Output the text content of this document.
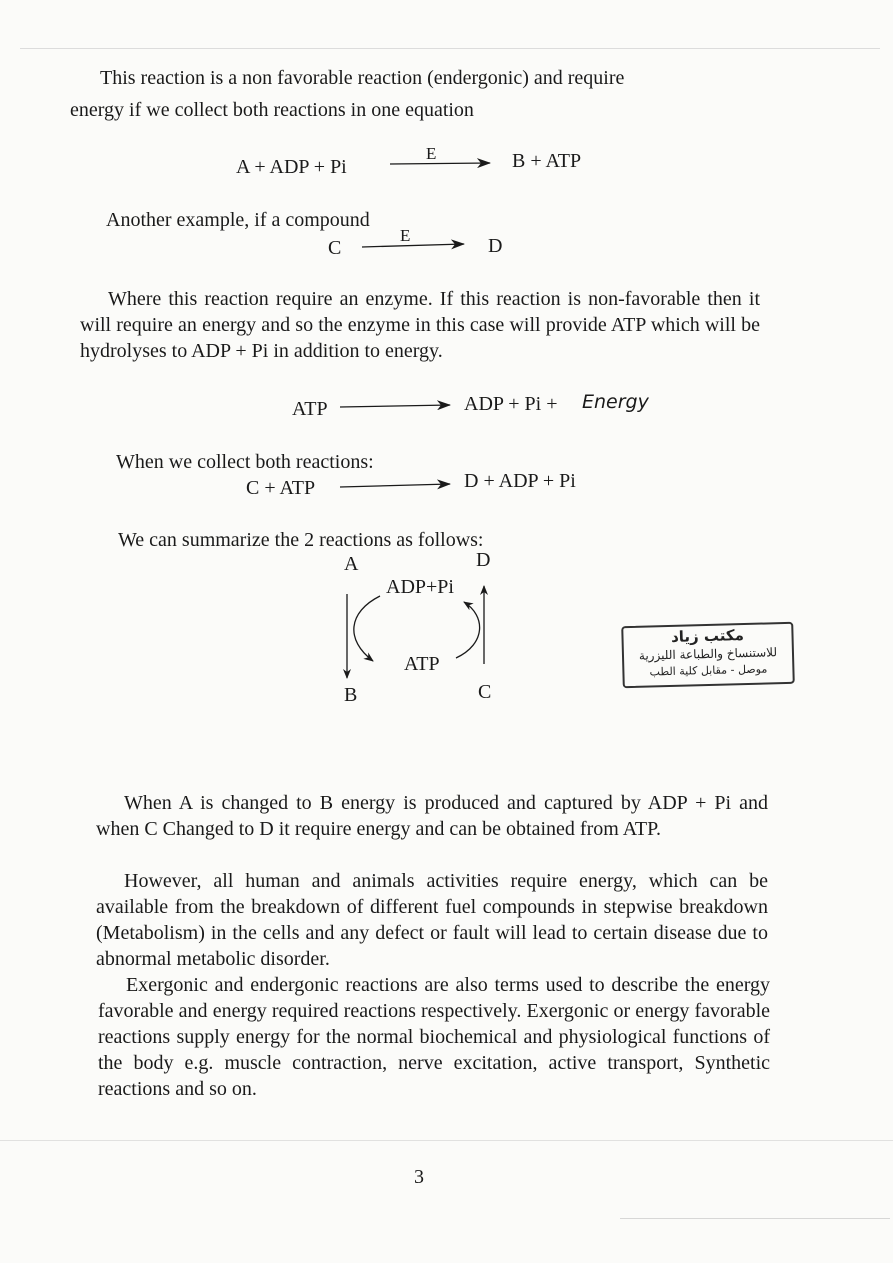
This reaction is a non favorable reaction (endergonic) and require
energy if we collect both reactions in one equation
A + ADP + Pi
E	B + ATP
Another example, if a compound
C
E	D
Where this reaction require an enzyme. If this reaction is non-favorable then it will require an energy and so the enzyme in this case will provide ATP which will be hydrolyses to ADP + Pi in addition to energy.
ATP	ADP + Pi + Energy
When we collect both reactions:
C + ATP	D + ADP + Pi
We can summarize the 2 reactions as follows:
A	D
ADP+Pi
ATP
B	C
مكتب زياد
للاستنساخ والطباعة الليزرية
موصل - مقابل كلية الطب
When A is changed to B energy is produced and captured by ADP + Pi and when C Changed to D it require energy and can be obtained from ATP.
However, all human and animals activities require energy, which can be available from the breakdown of different fuel compounds in stepwise breakdown (Metabolism) in the cells and any defect or fault will lead to certain disease due to abnormal metabolic disorder.
Exergonic and endergonic reactions are also terms used to describe the energy favorable and energy required reactions respectively. Exergonic or energy favorable reactions supply energy for the normal biochemical and physiological functions of the body e.g. muscle contraction, nerve excitation, active transport, Synthetic reactions and so on.
3
